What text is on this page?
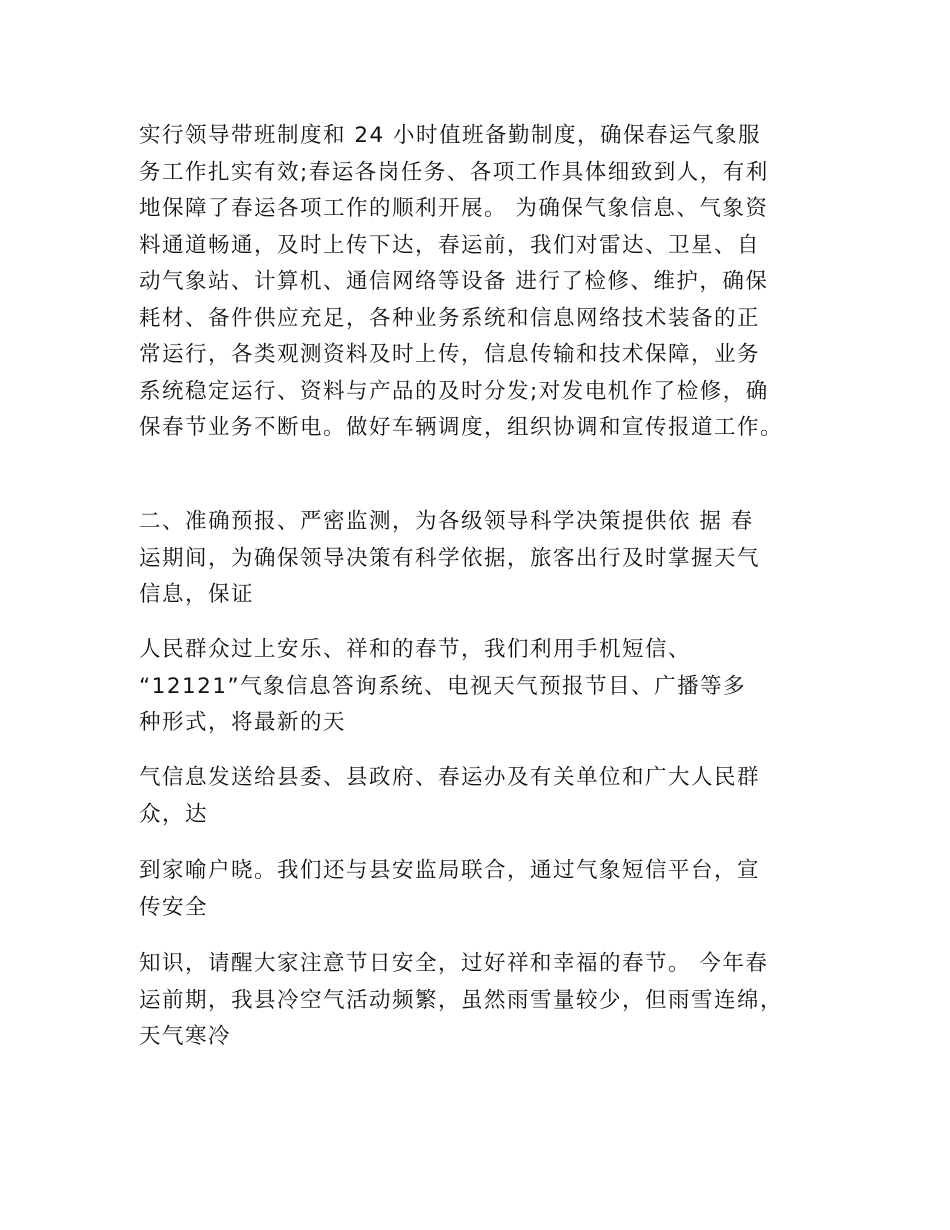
实行领导带班制度和 24 小时值班备勤制度，确保春运气象服
务工作扎实有效;春运各岗任务、各项工作具体细致到人，有利
地保障了春运各项工作的顺利开展。 为确保气象信息、气象资
料通道畅通，及时上传下达，春运前，我们对雷达、卫星、自
动气象站、计算机、通信网络等设备 进行了检修、维护，确保
耗材、备件供应充足，各种业务系统和信息网络技术装备的正
常运行，各类观测资料及时上传，信息传输和技术保障，业务
系统稳定运行、资料与产品的及时分发;对发电机作了检修，确
保春节业务不断电。做好车辆调度，组织协调和宣传报道工作。
二、准确预报、严密监测，为各级领导科学决策提供依 据 春
运期间，为确保领导决策有科学依据，旅客出行及时掌握天气
信息，保证
人民群众过上安乐、祥和的春节，我们利用手机短信、
“12121”气象信息答询系统、电视天气预报节目、广播等多
种形式，将最新的天
气信息发送给县委、县政府、春运办及有关单位和广大人民群
众，达
到家喻户晓。我们还与县安监局联合，通过气象短信平台，宣
传安全
知识，请醒大家注意节日安全，过好祥和幸福的春节。 今年春
运前期，我县冷空气活动频繁，虽然雨雪量较少，但雨雪连绵，
天气寒冷
